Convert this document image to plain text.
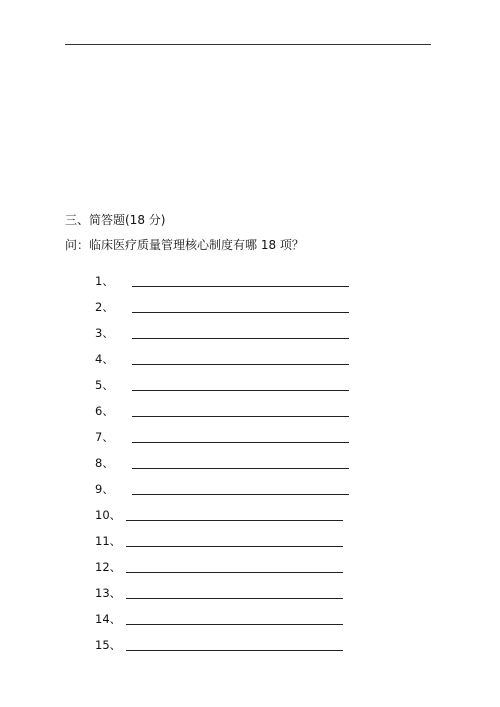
三、简答题(18 分)
问：临床医疗质量管理核心制度有哪 18 项？
1、
2、
3、
4、
5、
6、
7、
8、
9、
10、
11、
12、
13、
14、
15、
